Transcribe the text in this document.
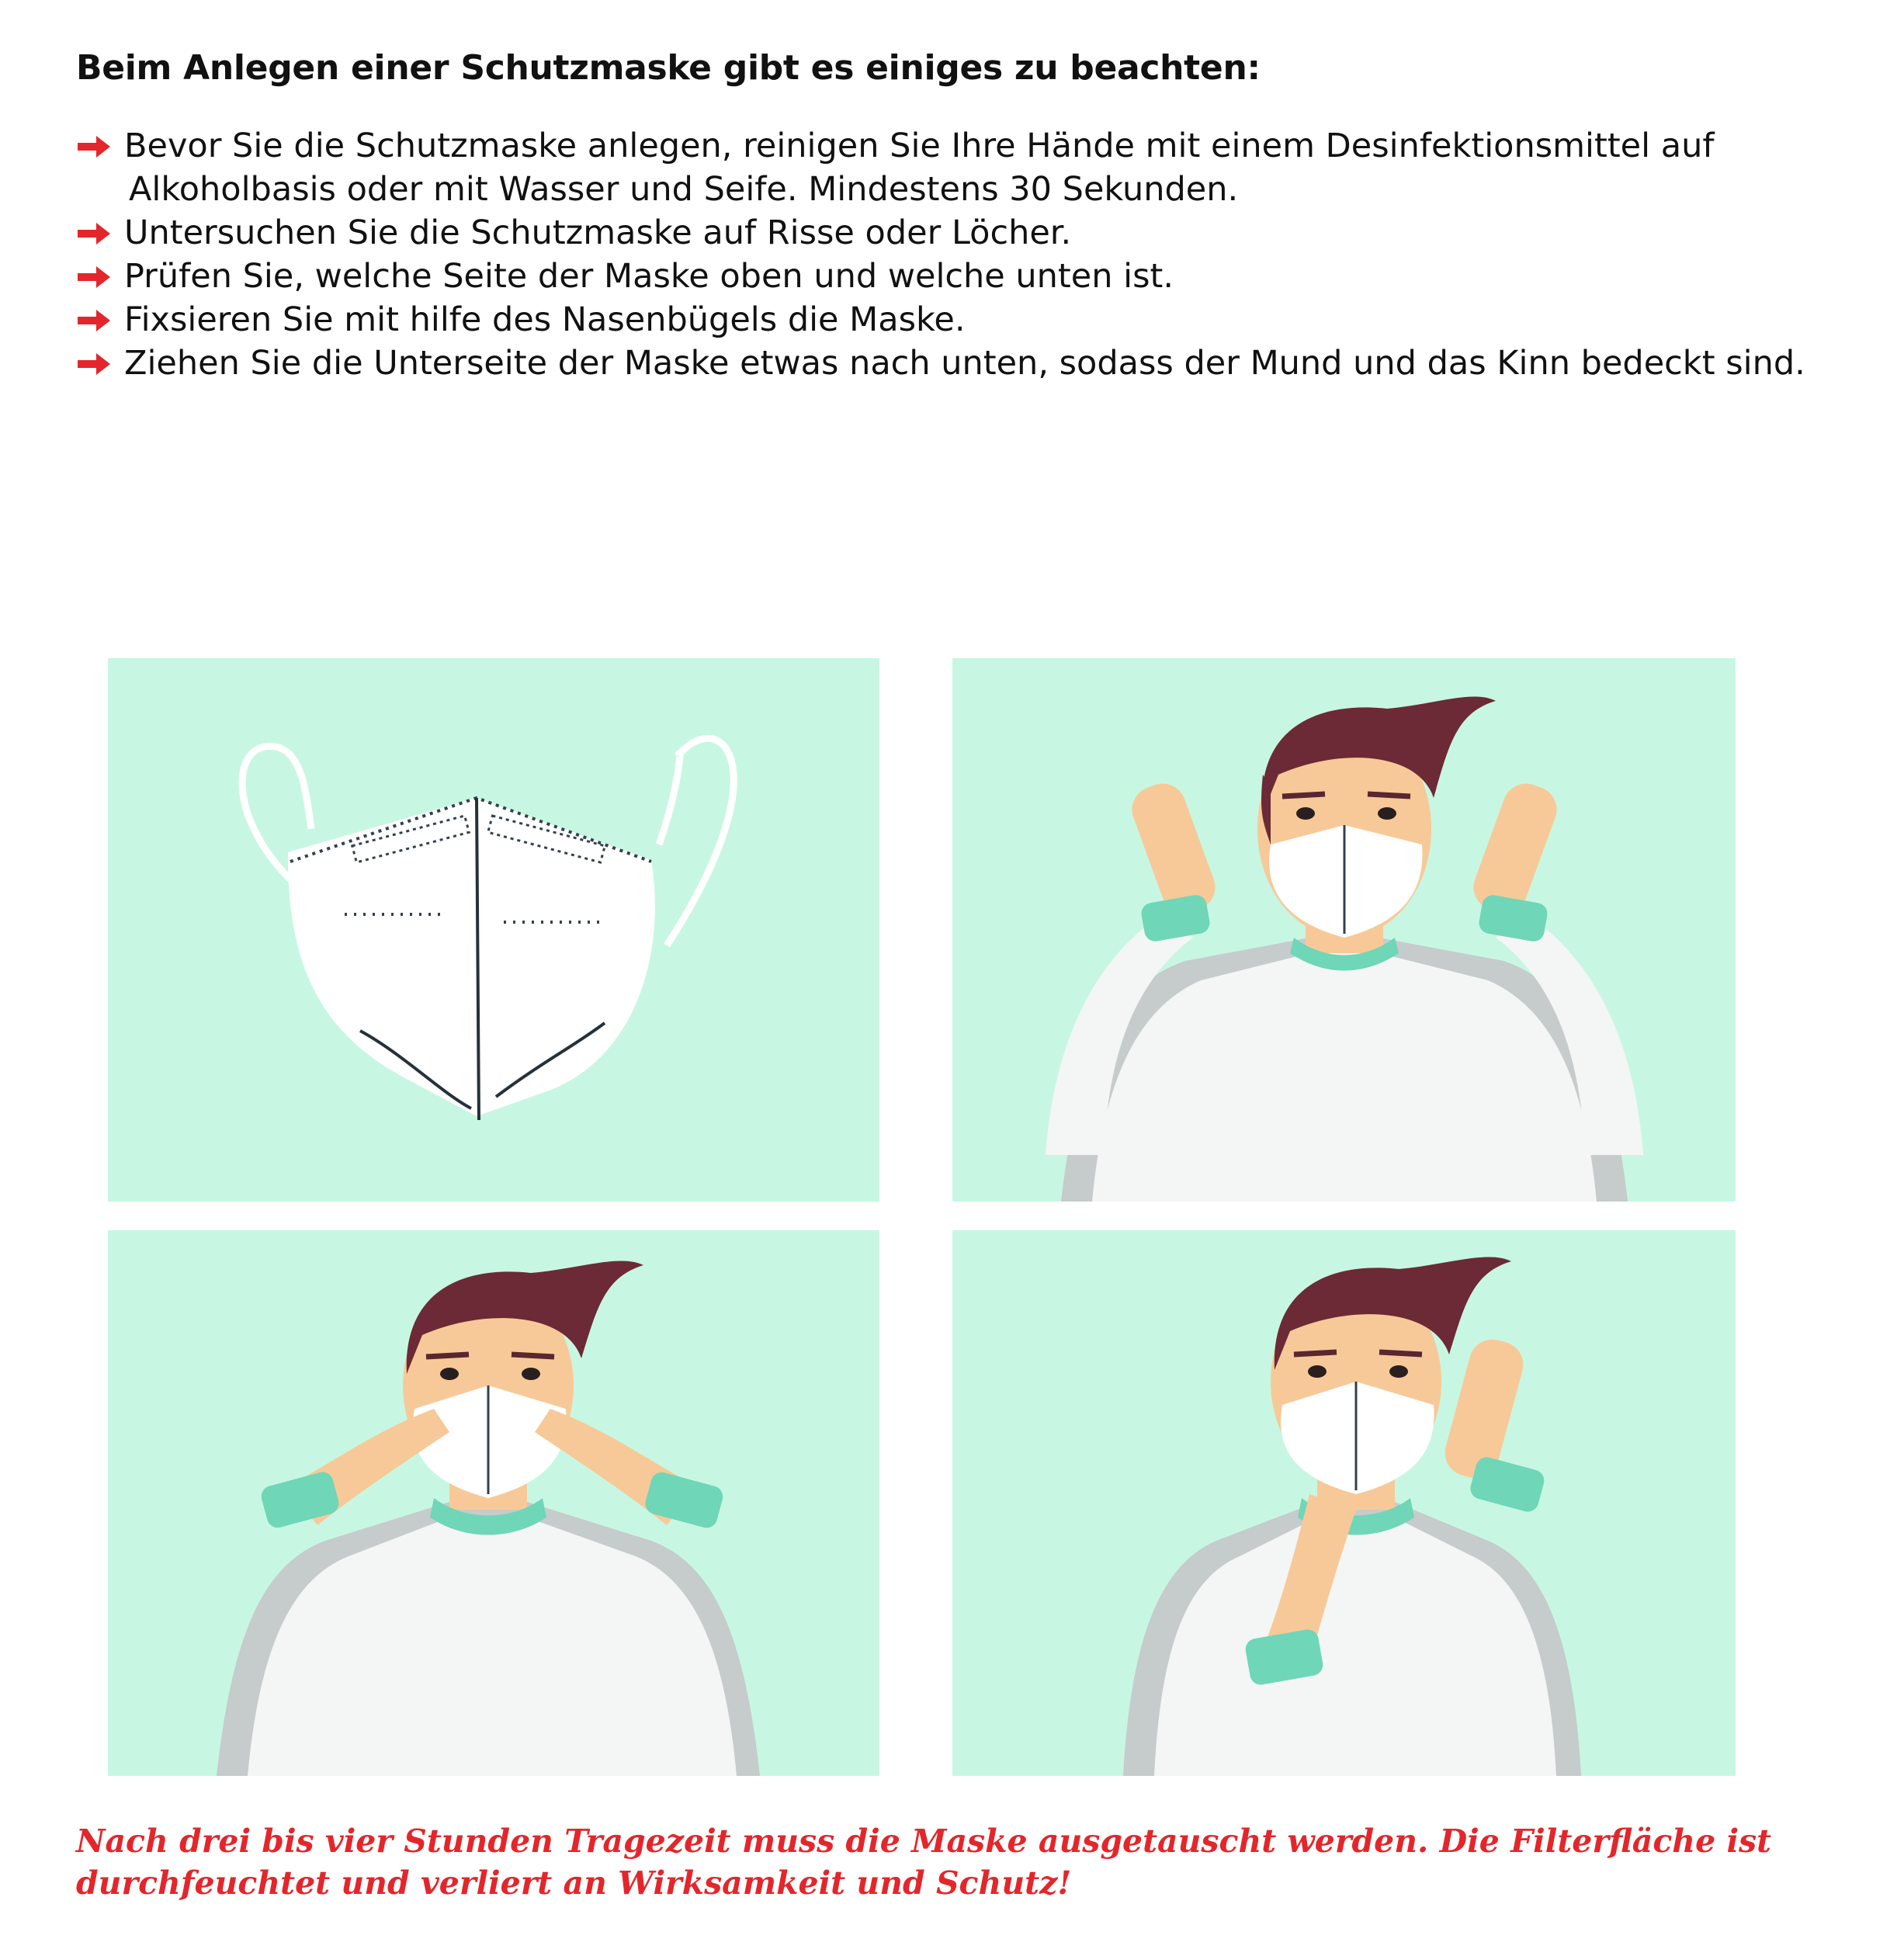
Beim Anlegen einer Schutzmaske gibt es einiges zu beachten:
Bevor Sie die Schutzmaske anlegen, reinigen Sie Ihre Hände mit einem Desinfektionsmittel auf
Alkoholbasis oder mit Wasser und Seife. Mindestens 30 Sekunden.
Untersuchen Sie die Schutzmaske auf Risse oder Löcher.
Prüfen Sie, welche Seite der Maske oben und welche unten ist.
Fixsieren Sie mit hilfe des Nasenbügels die Maske.
Ziehen Sie die Unterseite der Maske etwas nach unten, sodass der Mund und das Kinn bedeckt sind.
Nach drei bis vier Stunden Tragezeit muss die Maske ausgetauscht werden. Die Filterfläche ist durchfeuchtet und verliert an Wirksamkeit und Schutz!
